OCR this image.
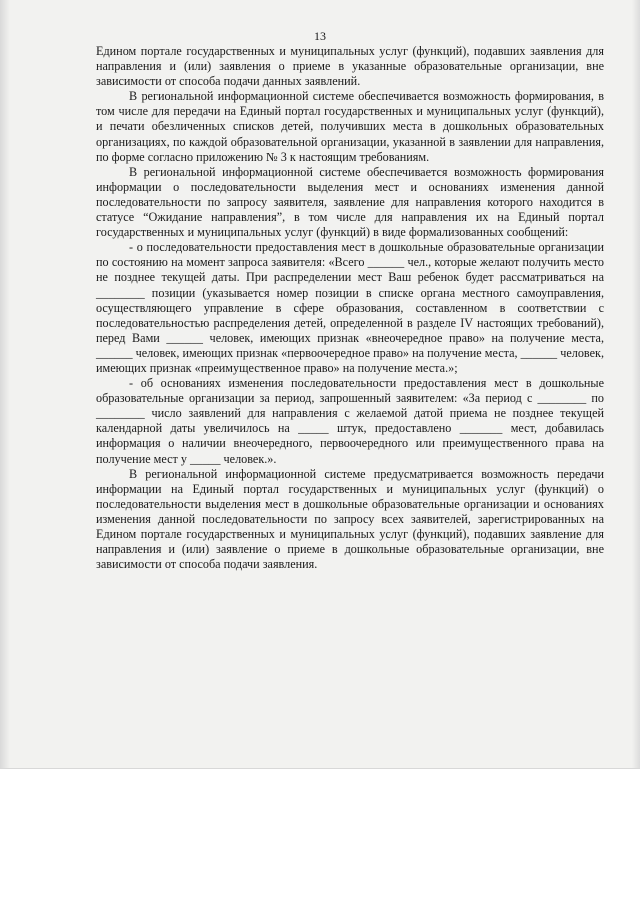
13

Едином портале государственных и муниципальных услуг (функций), подавших заявления для направления и (или) заявления о приеме в указанные образовательные организации, вне зависимости от способа подачи данных заявлений.

В региональной информационной системе обеспечивается возможность формирования, в том числе для передачи на Единый портал государственных и муниципальных услуг (функций), и печати обезличенных списков детей, получивших места в дошкольных образовательных организациях, по каждой образовательной организации, указанной в заявлении для направления, по форме согласно приложению № 3 к настоящим требованиям.

В региональной информационной системе обеспечивается возможность формирования информации о последовательности выделения мест и основаниях изменения данной последовательности по запросу заявителя, заявление для направления которого находится в статусе “Ожидание направления”, в том числе для направления их на Единый портал государственных и муниципальных услуг (функций) в виде формализованных сообщений:

- о последовательности предоставления мест в дошкольные образовательные организации по состоянию на момент запроса заявителя: «Всего ______ чел., которые желают получить место не позднее текущей даты. При распределении мест Ваш ребенок будет рассматриваться на ________ позиции (указывается номер позиции в списке органа местного самоуправления, осуществляющего управление в сфере образования, составленном в соответствии с последовательностью распределения детей, определенной в разделе IV настоящих требований), перед Вами ______ человек, имеющих признак «внеочередное право» на получение места, ______ человек, имеющих признак «первоочередное право» на получение места, ______ человек, имеющих признак «преимущественное право» на получение места.»;

- об основаниях изменения последовательности предоставления мест в дошкольные образовательные организации за период, запрошенный заявителем: «За период с ________ по ________ число заявлений для направления с желаемой датой приема не позднее текущей календарной даты увеличилось на _____ штук, предоставлено _______ мест, добавилась информация о наличии внеочередного, первоочередного или преимущественного права на получение мест у _____ человек.».

В региональной информационной системе предусматривается возможность передачи информации на Единый портал государственных и муниципальных услуг (функций) о последовательности выделения мест в дошкольные образовательные организации и основаниях изменения данной последовательности по запросу всех заявителей, зарегистрированных на Едином портале государственных и муниципальных услуг (функций), подавших заявление для направления и (или) заявление о приеме в дошкольные образовательные организации, вне зависимости от способа подачи заявления.
